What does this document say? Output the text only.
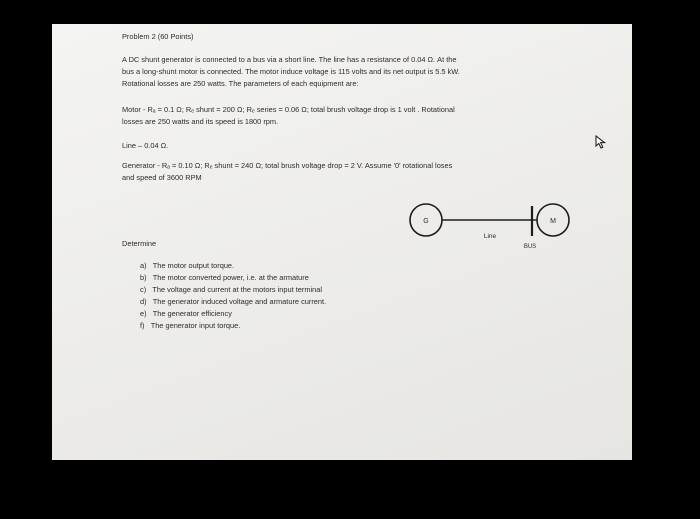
Problem 2 (60 Points)

A DC shunt generator is connected to a bus via a short line. The line has a resistance of 0.04 Ω. At the

bus a long-shunt motor is connected. The motor induce voltage is 115 volts and its net output is 5.5 kW.

Rotational losses are 250 watts. The parameters of each equipment are:

Motor - Rₐ = 0.1 Ω; Rₑ shunt = 200 Ω; Rₑ series = 0.06 Ω; total brush voltage drop is 1 volt . Rotational

losses are 250 watts and its speed is 1800 rpm.

Line – 0.04 Ω.

Generator - Rₐ = 0.10 Ω; Rₑ shunt = 240 Ω; total brush voltage drop = 2 V. Assume '0' rotational loses

and speed of 3600 RPM

G	M
Line
BUS

Determine

a) The motor output torque.

b) The motor converted power, i.e. at the armature

c) The voltage and current at the motors input terminal

d) The generator induced voltage and armature current.

e) The generator efficiency

f) The generator input torque.
